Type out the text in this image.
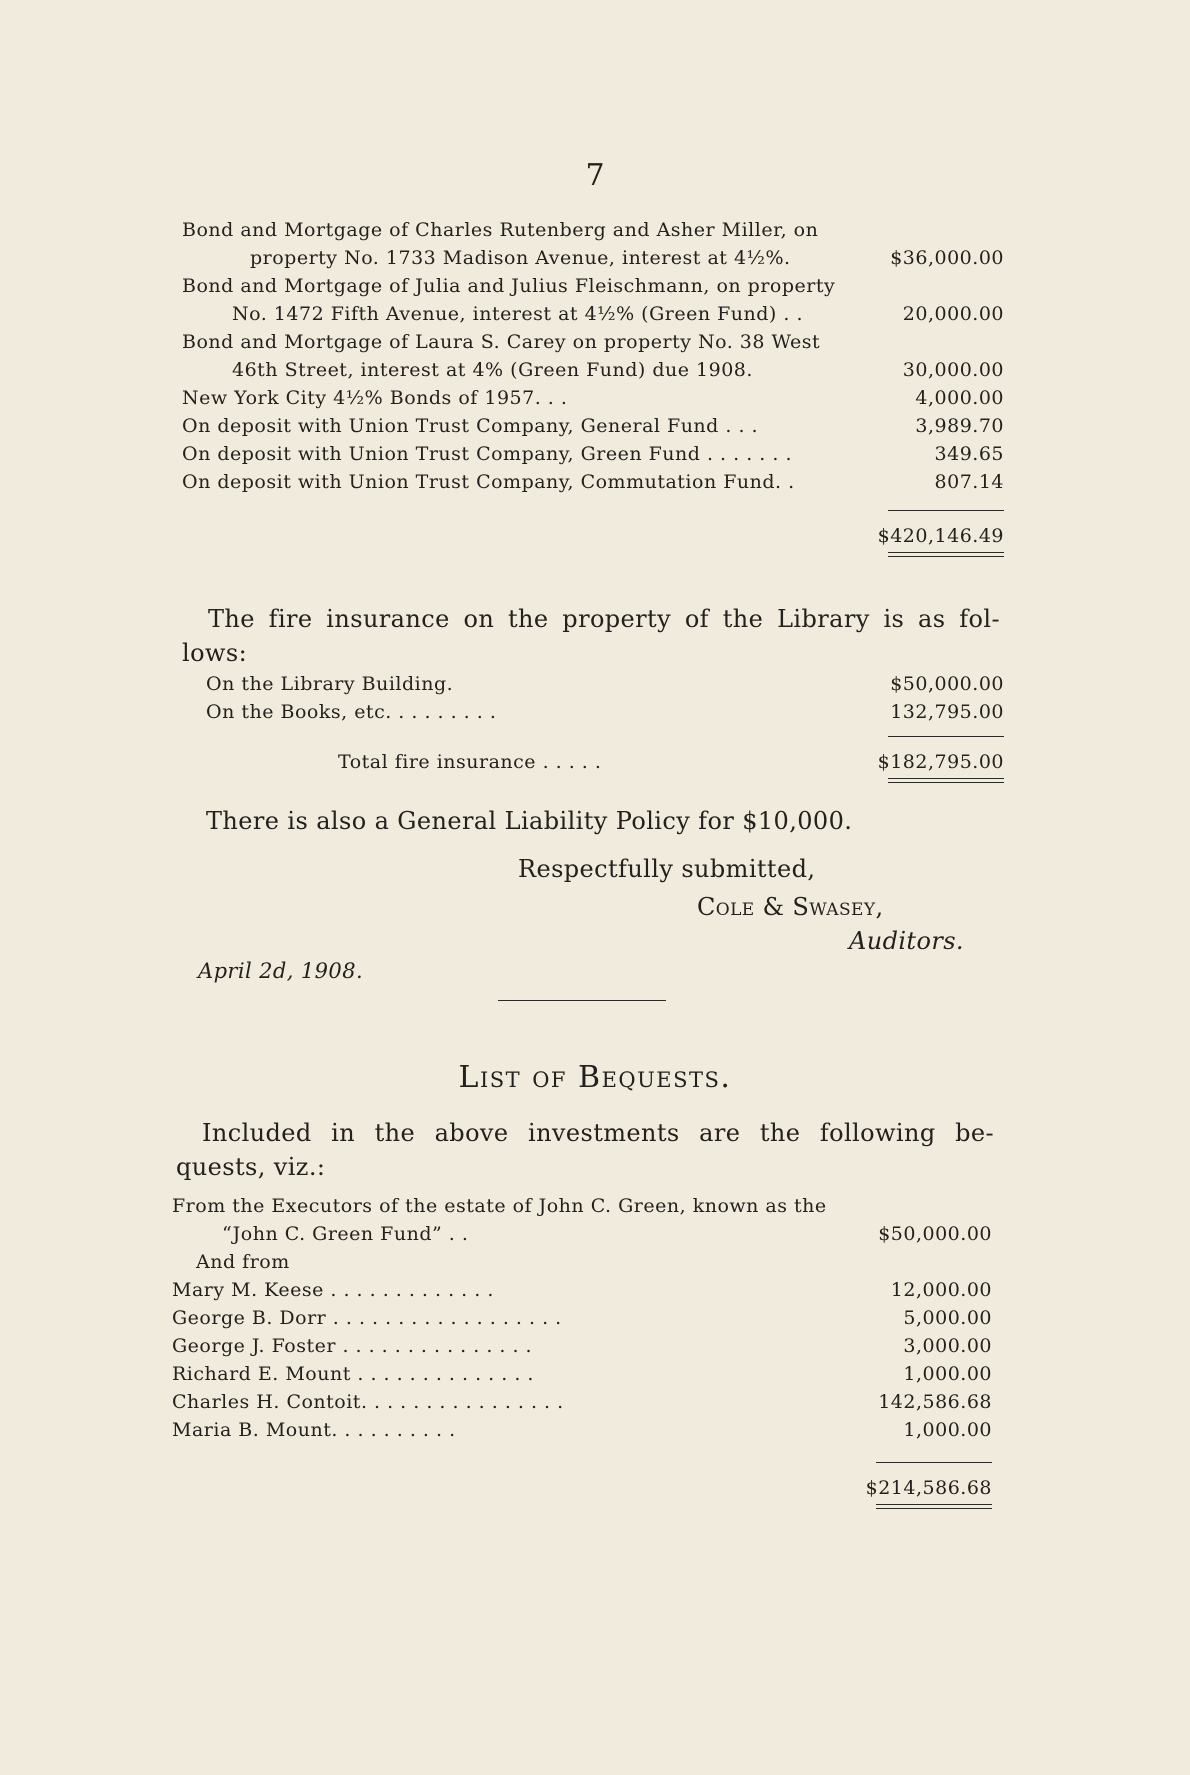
7
Bond and Mortgage of Charles Rutenberg and Asher Miller, on
property No. 1733 Madison Avenue, interest at 4½%.	$36,000.00
Bond and Mortgage of Julia and Julius Fleischmann, on property
No. 1472 Fifth Avenue, interest at 4½% (Green Fund) . .	20,000.00
Bond and Mortgage of Laura S. Carey on property No. 38 West
46th Street, interest at 4% (Green Fund) due 1908.	30,000.00
New York City 4½% Bonds of 1957. . .	4,000.00
On deposit with Union Trust Company, General Fund . . .	3,989.70
On deposit with Union Trust Company, Green Fund . . . . . . .	349.65
On deposit with Union Trust Company, Commutation Fund. .	807.14
$420,146.49
The fire insurance on the property of the Library is as fol-
lows:
On the Library Building.	$50,000.00
On the Books, etc. . . . . . . . .	132,795.00
Total fire insurance . . . . .	$182,795.00
There is also a General Liability Policy for $10,000.
Respectfully submitted,
Cole & Swasey,
Auditors.
April 2d, 1908.
List of Bequests.
Included in the above investments are the following be-
quests, viz.:
From the Executors of the estate of John C. Green, known as the
“John C. Green Fund” . .	$50,000.00
And from
Mary M. Keese . . . . . . . . . . . . .	12,000.00
George B. Dorr . . . . . . . . . . . . . . . . . .	5,000.00
George J. Foster . . . . . . . . . . . . . . .	3,000.00
Richard E. Mount . . . . . . . . . . . . . .	1,000.00
Charles H. Contoit. . . . . . . . . . . . . . . .	142,586.68
Maria B. Mount. . . . . . . . . .	1,000.00
$214,586.68
